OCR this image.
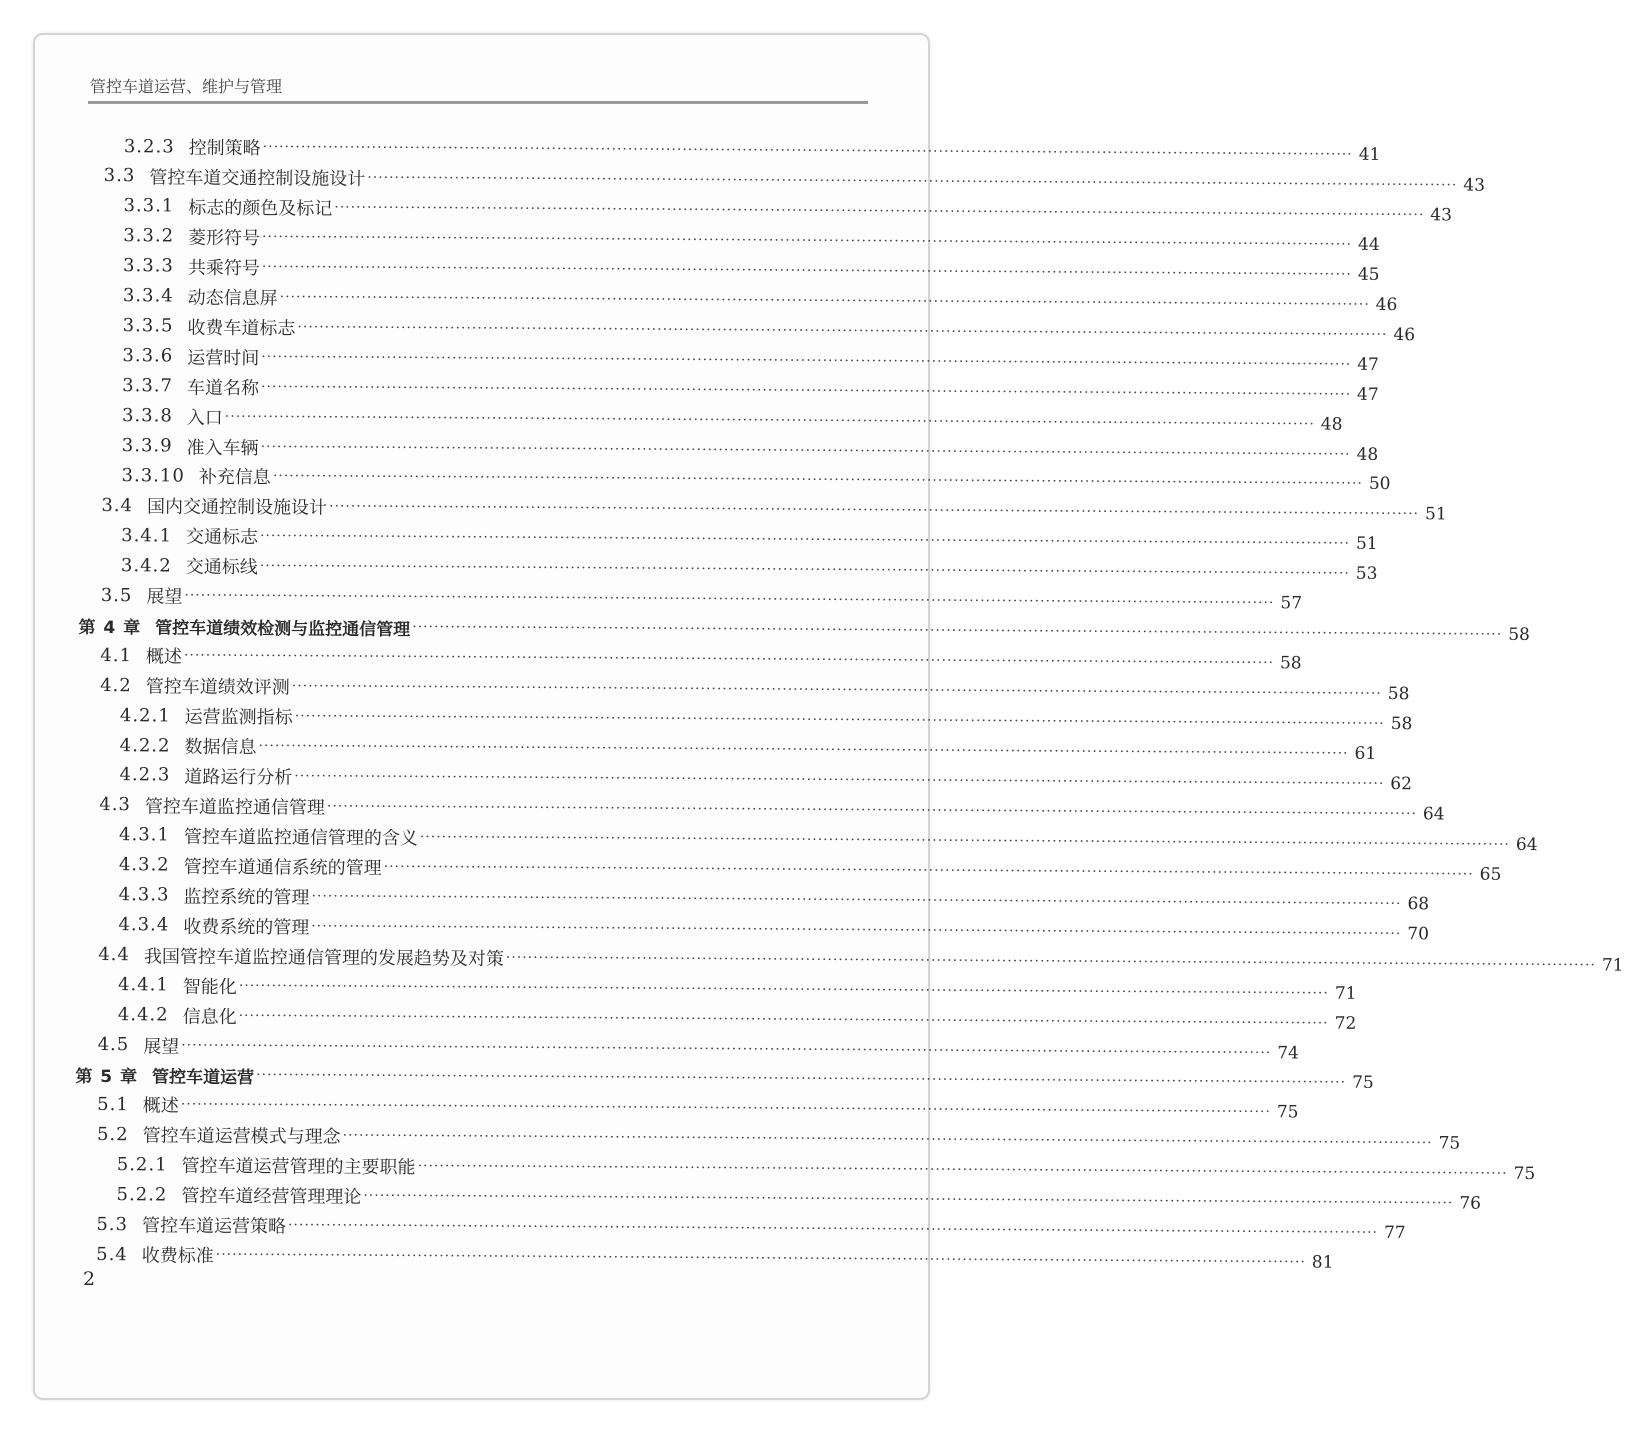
管控车道运营、维护与管理
3.2.3 控制策略 ········································································································································································································ 41
3.3 管控车道交通控制设施设计 ········································································································································································································ 43
3.3.1 标志的颜色及标记 ········································································································································································································ 43
3.3.2 菱形符号 ········································································································································································································ 44
3.3.3 共乘符号 ········································································································································································································ 45
3.3.4 动态信息屏 ········································································································································································································ 46
3.3.5 收费车道标志 ········································································································································································································ 46
3.3.6 运营时间 ········································································································································································································ 47
3.3.7 车道名称 ········································································································································································································ 47
3.3.8 入口 ········································································································································································································ 48
3.3.9 准入车辆 ········································································································································································································ 48
3.3.10 补充信息 ········································································································································································································ 50
3.4 国内交通控制设施设计 ········································································································································································································ 51
3.4.1 交通标志 ········································································································································································································ 51
3.4.2 交通标线 ········································································································································································································ 53
3.5 展望 ········································································································································································································ 57
第 4 章 管控车道绩效检测与监控通信管理 ········································································································································································································ 58
4.1 概述 ········································································································································································································ 58
4.2 管控车道绩效评测 ········································································································································································································ 58
4.2.1 运营监测指标 ········································································································································································································ 58
4.2.2 数据信息 ········································································································································································································ 61
4.2.3 道路运行分析 ········································································································································································································ 62
4.3 管控车道监控通信管理 ········································································································································································································ 64
4.3.1 管控车道监控通信管理的含义 ········································································································································································································ 64
4.3.2 管控车道通信系统的管理 ········································································································································································································ 65
4.3.3 监控系统的管理 ········································································································································································································ 68
4.3.4 收费系统的管理 ········································································································································································································ 70
4.4 我国管控车道监控通信管理的发展趋势及对策 ········································································································································································································ 71
4.4.1 智能化 ········································································································································································································ 71
4.4.2 信息化 ········································································································································································································ 72
4.5 展望 ········································································································································································································ 74
第 5 章 管控车道运营 ········································································································································································································ 75
5.1 概述 ········································································································································································································ 75
5.2 管控车道运营模式与理念 ········································································································································································································ 75
5.2.1 管控车道运营管理的主要职能 ········································································································································································································ 75
5.2.2 管控车道经营管理理论 ········································································································································································································ 76
5.3 管控车道运营策略 ········································································································································································································ 77
5.4 收费标准 ········································································································································································································ 81
2
